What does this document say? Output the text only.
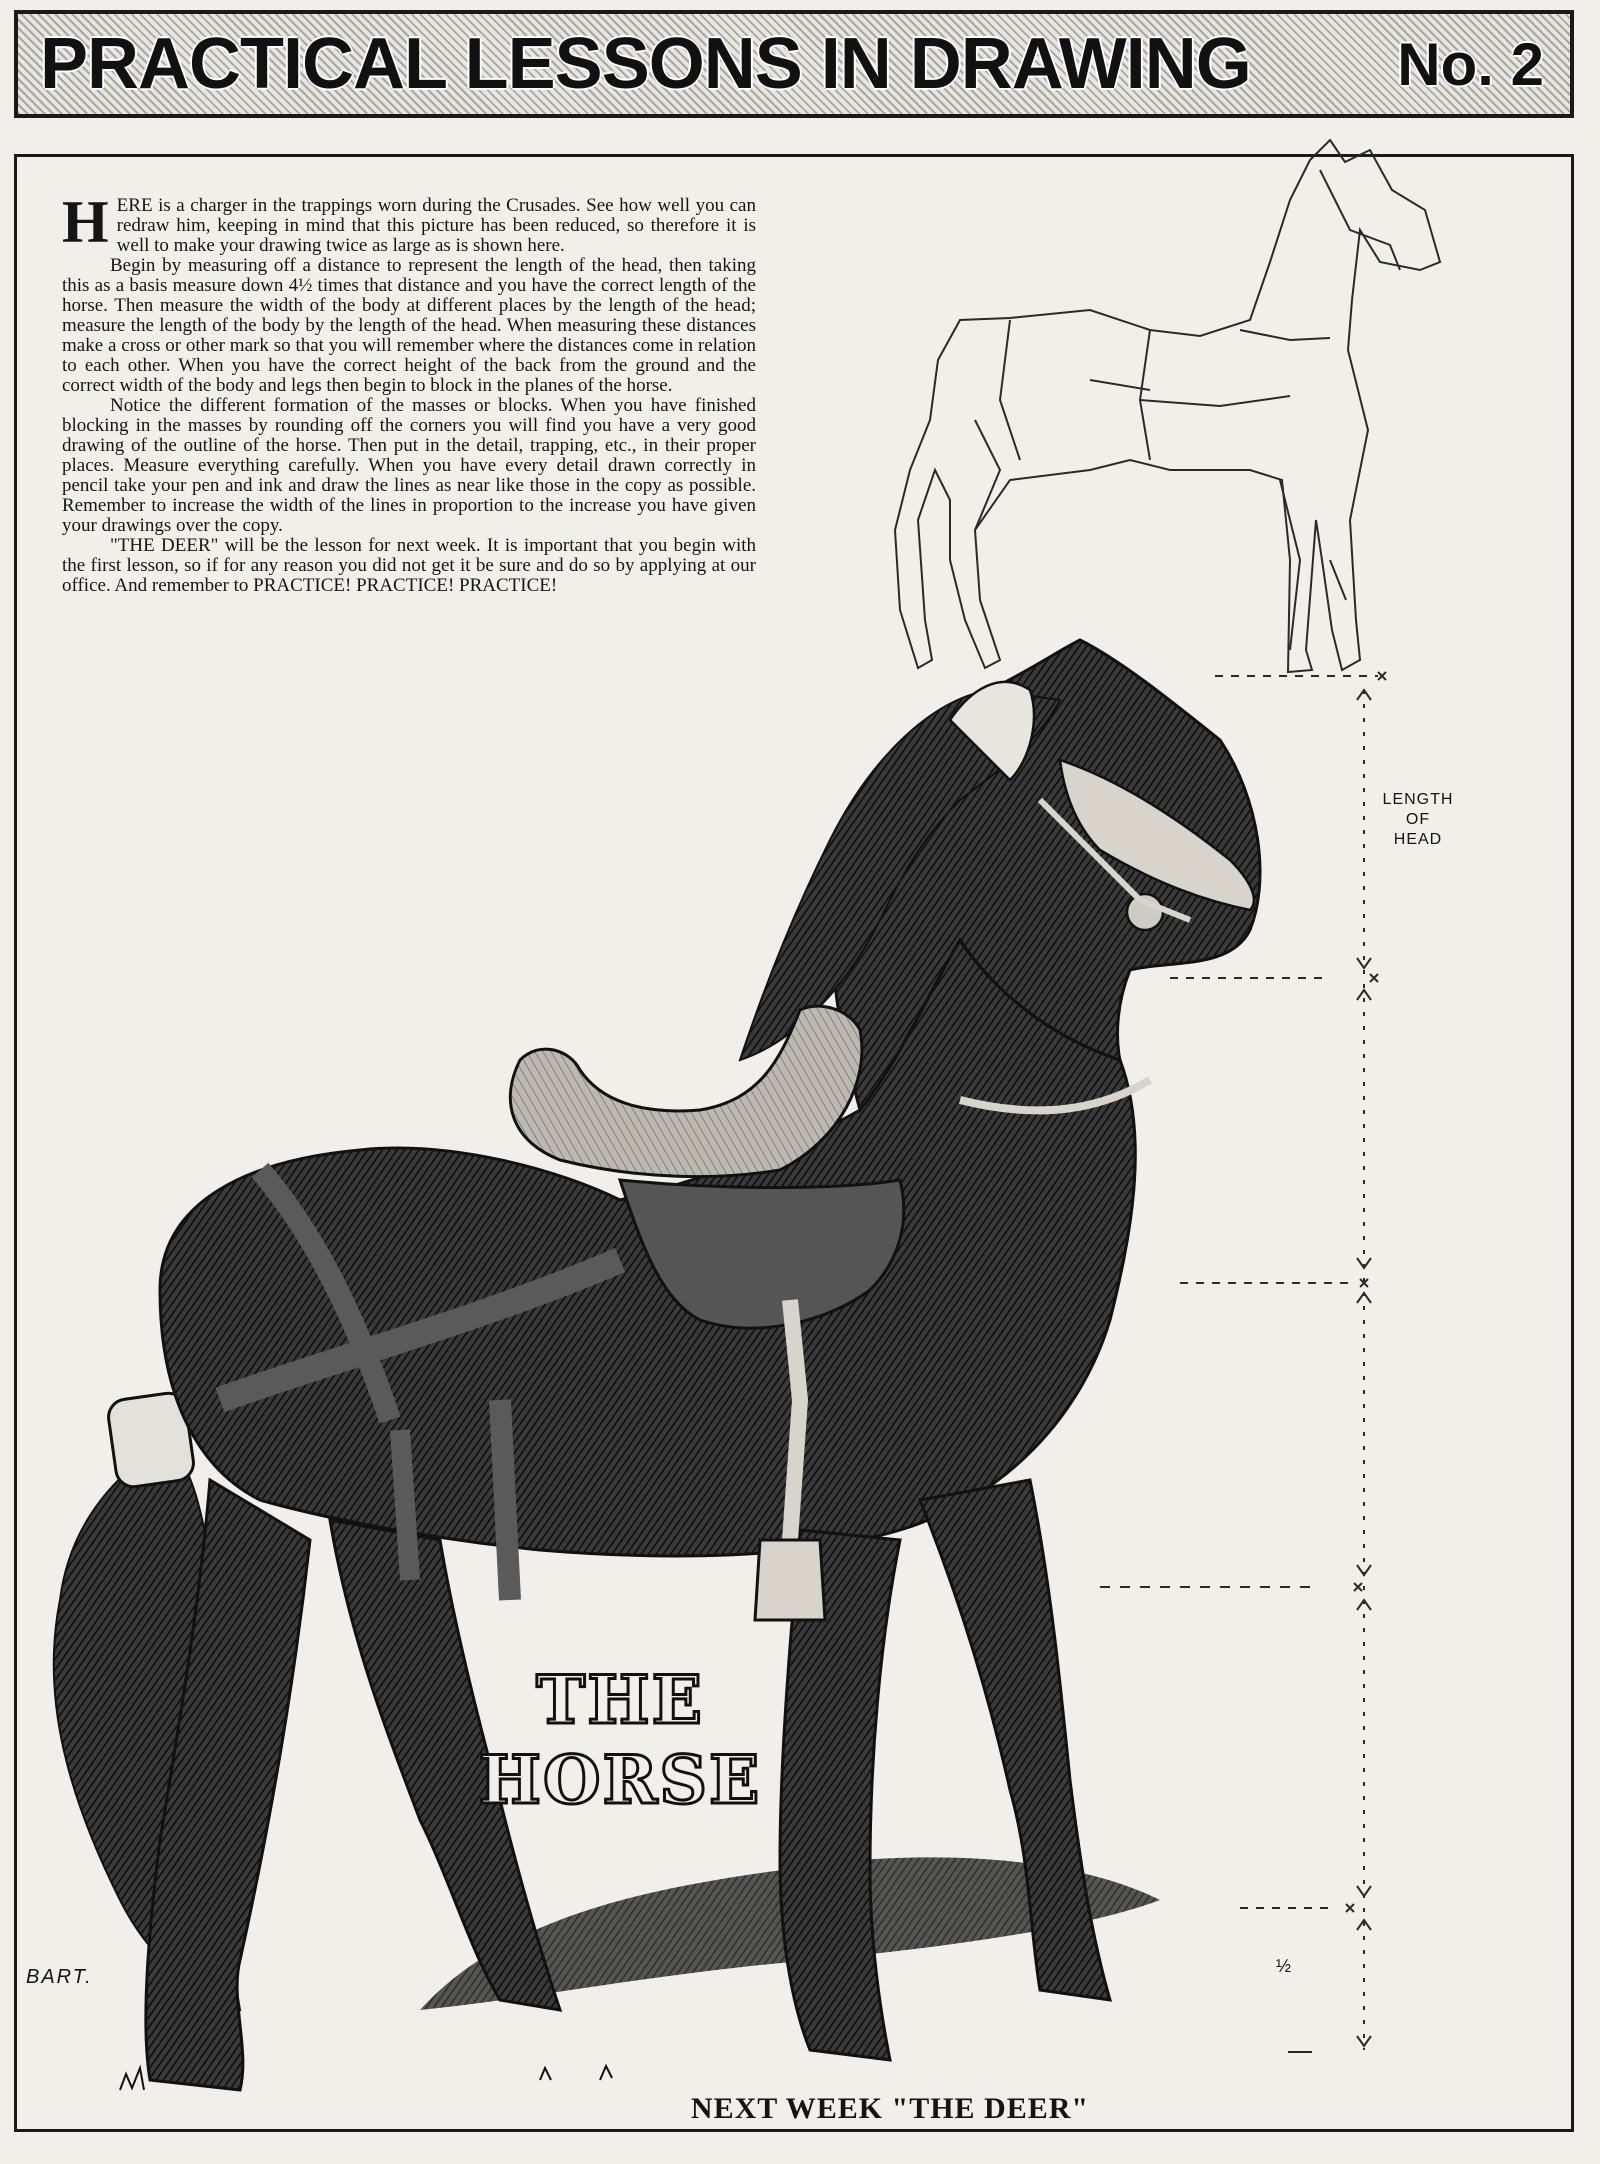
PRACTICAL LESSONS IN DRAWING No. 2

HERE is a charger in the trappings worn during the Crusades. See how well you can redraw him, keeping in mind that this picture has been reduced, so therefore it is well to make your drawing twice as large as is shown here.

Begin by measuring off a distance to represent the length of the head, then taking this as a basis measure down 4½ times that distance and you have the correct length of the horse. Then measure the width of the body at different places by the length of the head; measure the length of the body by the length of the head. When measuring these distances make a cross or other mark so that you will remember where the distances come in relation to each other. When you have the correct height of the back from the ground and the correct width of the body and legs then begin to block in the planes of the horse.

Notice the different formation of the masses or blocks. When you have finished blocking in the masses by rounding off the corners you will find you have a very good drawing of the outline of the horse. Then put in the detail, trapping, etc., in their proper places. Measure everything carefully. When you have every detail drawn correctly in pencil take your pen and ink and draw the lines as near like those in the copy as possible. Remember to increase the width of the lines in proportion to the increase you have given your drawings over the copy.

"THE DEER" will be the lesson for next week. It is important that you begin with the first lesson, so if for any reason you did not get it be sure and do so by applying at our office. And remember to PRACTICE! PRACTICE! PRACTICE!

LENGTH
OF
HEAD
½
THE
HORSE
BART.
NEXT WEEK "THE DEER"
